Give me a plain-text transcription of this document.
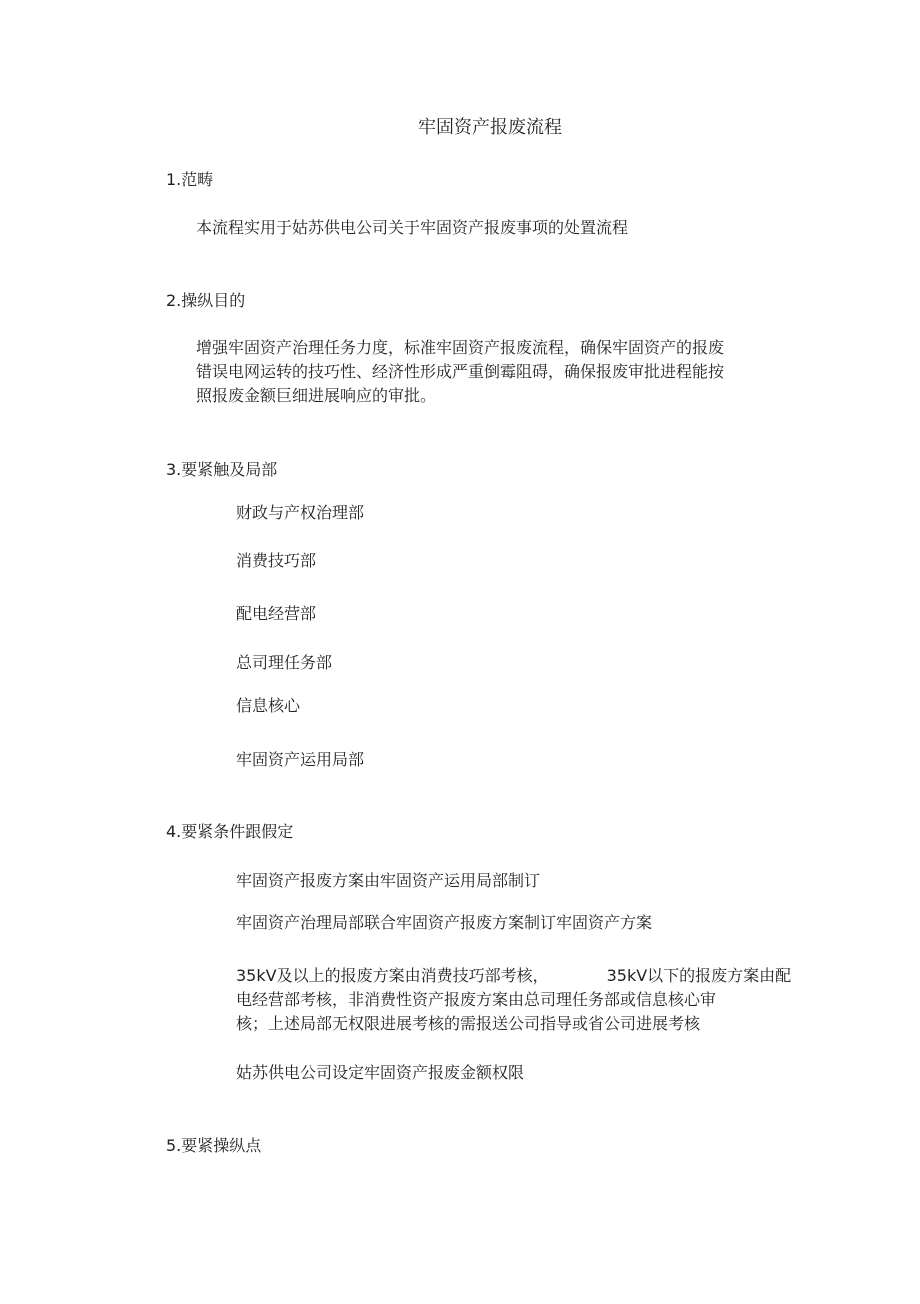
牢固资产报废流程
1.范畴
本流程实用于姑苏供电公司关于牢固资产报废事项的处置流程
2.操纵目的
增强牢固资产治理任务力度，标准牢固资产报废流程，确保牢固资产的报废
错误电网运转的技巧性、经济性形成严重倒霉阻碍，确保报废审批进程能按
照报废金额巨细进展响应的审批。
3.要紧触及局部
财政与产权治理部
消费技巧部
配电经营部
总司理任务部
信息核心
牢固资产运用局部
4.要紧条件跟假定
牢固资产报废方案由牢固资产运用局部制订
牢固资产治理局部联合牢固资产报废方案制订牢固资产方案
35kV及以上的报废方案由消费技巧部考核，	35kV以下的报废方案由配
电经营部考核，非消费性资产报废方案由总司理任务部或信息核心审
核；上述局部无权限进展考核的需报送公司指导或省公司进展考核
姑苏供电公司设定牢固资产报废金额权限
5.要紧操纵点
